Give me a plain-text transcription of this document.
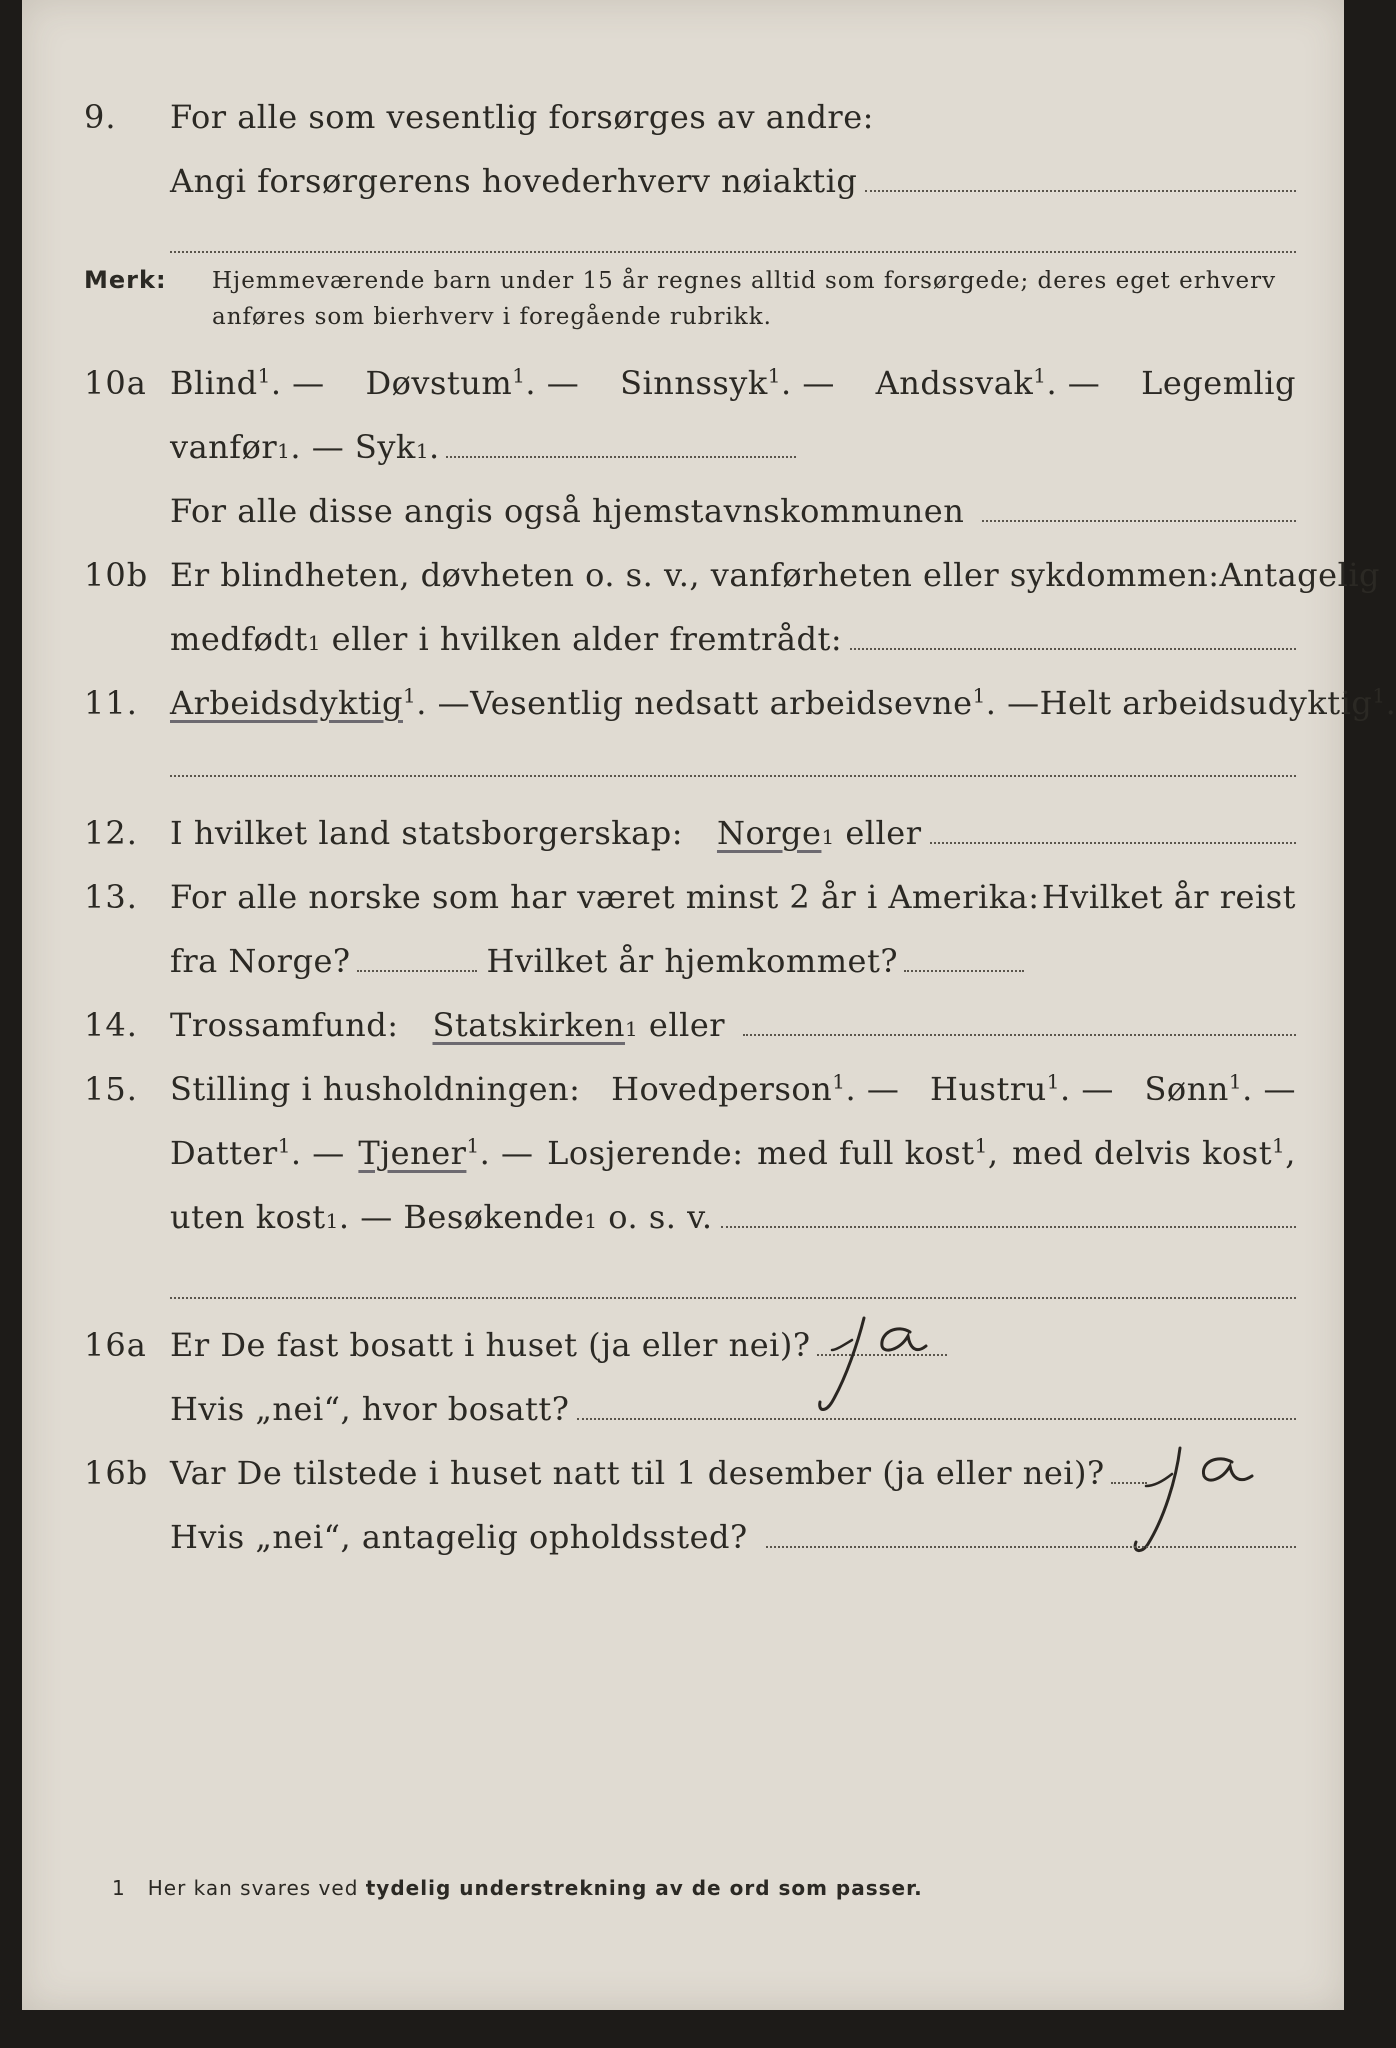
9. For alle som vesentlig forsørges av andre:
Angi forsørgerens hovederhverv nøiaktig
Merk: Hjemmeværende barn under 15 år regnes alltid som forsørgede; deres eget erhverv
anføres som bierhverv i foregående rubrikk.
10a Blind$^1$. — Døvstum$^1$. — Sinnssyk$^1$. — Andssvak$^1$. — Legemlig
vanfør 1 . —
Syk 1 .
For alle disse angis også hjemstavnskommunen
10b Er blindheten, døvheten o. s. v., vanførheten eller sykdommen: Antagelig
medfødt 1
eller i hvilken alder fremtrådt:
11. Arbeidsdyktig$^1$. — Vesentlig nedsatt arbeidsevne$^1$. — Helt arbeidsudyktig$^1$.
12. I hvilket land statsborgerskap: Norge 1
eller
13. For alle norske som har været minst 2 år i Amerika: Hvilket år reist
fra Norge?	Hvilket år hjemkommet?
14. Trossamfund: Statskirken 1
eller
15. Stilling i husholdningen: Hovedperson$^1$. — Hustru$^1$. — Sønn$^1$. —
Datter$^1$. — Tjener$^1$. — Losjerende: med full kost$^1$, med delvis kost$^1$,
uten kost 1 . — Besøkende 1
o. s. v.
16a Er De fast bosatt i huset (ja eller nei)?
Hvis „nei“, hvor bosatt?
16b Var De tilstede i huset natt til 1 desember (ja eller nei)?
Hvis „nei“, antagelig opholdssted?
1 Her kan svares ved tydelig understrekning av de ord som passer.
